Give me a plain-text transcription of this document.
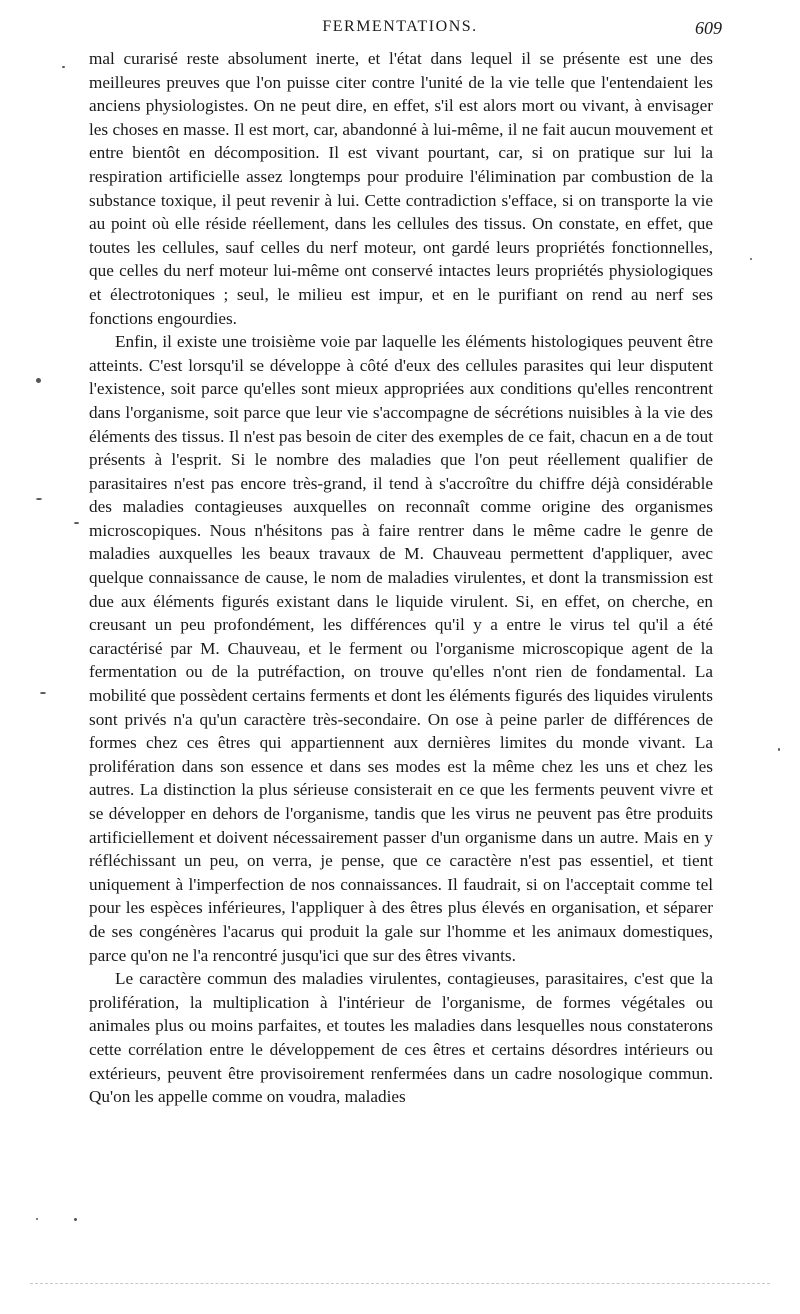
FERMENTATIONS.	609

mal curarisé reste absolument inerte, et l'état dans lequel il se présente est une des meilleures preuves que l'on puisse citer contre l'unité de la vie telle que l'entendaient les anciens physiologistes. On ne peut dire, en effet, s'il est alors mort ou vivant, à envisager les choses en masse. Il est mort, car, abandonné à lui-même, il ne fait aucun mouvement et entre bientôt en décomposition. Il est vivant pourtant, car, si on pratique sur lui la respiration artificielle assez longtemps pour produire l'élimination par combustion de la substance toxique, il peut revenir à lui. Cette contradiction s'efface, si on transporte la vie au point où elle réside réellement, dans les cellules des tissus. On constate, en effet, que toutes les cellules, sauf celles du nerf moteur, ont gardé leurs propriétés fonctionnelles, que celles du nerf moteur lui-même ont conservé intactes leurs propriétés physiologiques et électrotoniques ; seul, le milieu est impur, et en le purifiant on rend au nerf ses fonctions engourdies.

Enfin, il existe une troisième voie par laquelle les éléments histologiques peuvent être atteints. C'est lorsqu'il se développe à côté d'eux des cellules parasites qui leur disputent l'existence, soit parce qu'elles sont mieux appropriées aux conditions qu'elles rencontrent dans l'organisme, soit parce que leur vie s'accompagne de sécrétions nuisibles à la vie des éléments des tissus. Il n'est pas besoin de citer des exemples de ce fait, chacun en a de tout présents à l'esprit. Si le nombre des maladies que l'on peut réellement qualifier de parasitaires n'est pas encore très-grand, il tend à s'accroître du chiffre déjà considérable des maladies contagieuses auxquelles on reconnaît comme origine des organismes microscopiques. Nous n'hésitons pas à faire rentrer dans le même cadre le genre de maladies auxquelles les beaux travaux de M. Chauveau permettent d'appliquer, avec quelque connaissance de cause, le nom de maladies virulentes, et dont la transmission est due aux éléments figurés existant dans le liquide virulent. Si, en effet, on cherche, en creusant un peu profondément, les différences qu'il y a entre le virus tel qu'il a été caractérisé par M. Chauveau, et le ferment ou l'organisme microscopique agent de la fermentation ou de la putréfaction, on trouve qu'elles n'ont rien de fondamental. La mobilité que possèdent certains ferments et dont les éléments figurés des liquides virulents sont privés n'a qu'un caractère très-secondaire. On ose à peine parler de différences de formes chez ces êtres qui appartiennent aux dernières limites du monde vivant. La prolifération dans son essence et dans ses modes est la même chez les uns et chez les autres. La distinction la plus sérieuse consisterait en ce que les ferments peuvent vivre et se développer en dehors de l'organisme, tandis que les virus ne peuvent pas être produits artificiellement et doivent nécessairement passer d'un organisme dans un autre. Mais en y réfléchissant un peu, on verra, je pense, que ce caractère n'est pas essentiel, et tient uniquement à l'imperfection de nos connaissances. Il faudrait, si on l'acceptait comme tel pour les espèces inférieures, l'appliquer à des êtres plus élevés en organisation, et séparer de ses congénères l'acarus qui produit la gale sur l'homme et les animaux domestiques, parce qu'on ne l'a rencontré jusqu'ici que sur des êtres vivants.

Le caractère commun des maladies virulentes, contagieuses, parasitaires, c'est que la prolifération, la multiplication à l'intérieur de l'organisme, de formes végétales ou animales plus ou moins parfaites, et toutes les maladies dans lesquelles nous constaterons cette corrélation entre le développement de ces êtres et certains désordres intérieurs ou extérieurs, peuvent être provisoirement renfermées dans un cadre nosologique commun. Qu'on les appelle comme on voudra, maladies
